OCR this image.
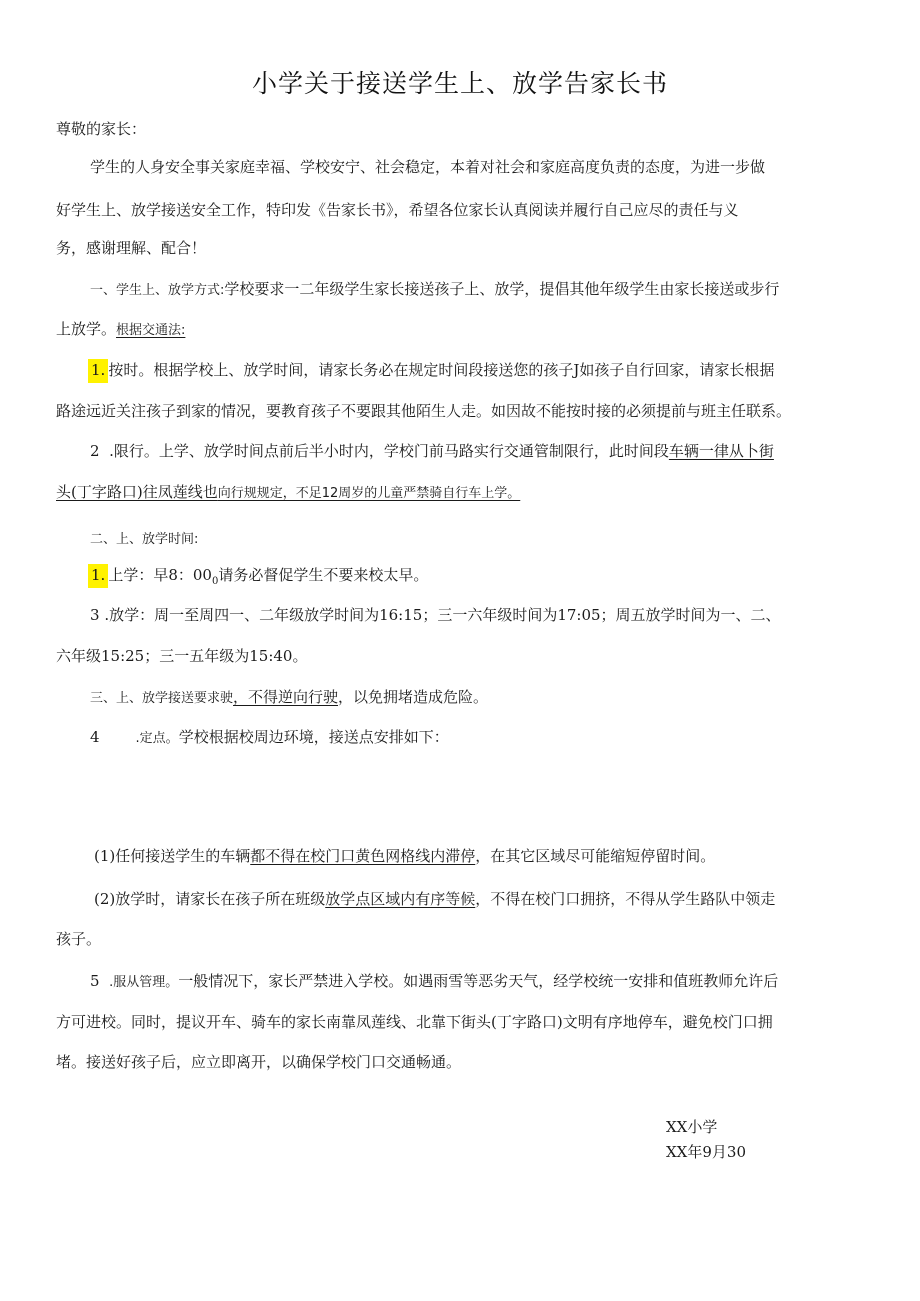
小学关于接送学生上、放学告家长书
尊敬的家长：
学生的人身安全事关家庭幸福、学校安宁、社会稳定，本着对社会和家庭高度负责的态度，为进一步做
好学生上、放学接送安全工作，特印发《告家长书》，希望各位家长认真阅读并履行自己应尽的责任与义
务，感谢理解、配合！
一、学生上、放学方式:学校要求一二年级学生家长接送孩子上、放学，提倡其他年级学生由家长接送或步行
上放学。根据交通法:
1. 按时。根据学校上、放学时间，请家长务必在规定时间段接送您的孩子J如孩子自行回家，请家长根据
路途远近关注孩子到家的情况，要教育孩子不要跟其他陌生人走。如因故不能按时接的必须提前与班主任联系。
2 .限行。上学、放学时间点前后半小时内，学校门前马路实行交通管制限行，此时间段车辆一律从卜街
头(丁字路口)往凤莲线也向行规规定，不足12周岁的儿童严禁骑自行车上学。
二、上、放学时间:
1. 上学：早8：$00_0$请务必督促学生不要来校太早。
3 .放学：周一至周四一、二年级放学时间为16:15；三一六年级时间为17:05；周五放学时间为一、二、
六年级15:25；三一五年级为15:40。
三、上、放学接送要求驶，不得逆向行驶，以免拥堵造成危险。
4	.定点。学校根据校周边环境，接送点安排如下：
(1)任何接送学生的车辆都不得在校门口黄色网格线内滞停，在其它区域尽可能缩短停留时间。
(2)放学时，请家长在孩子所在班级放学点区域内有序等候，不得在校门口拥挤，不得从学生路队中领走
孩子。
5 .服从管理。一般情况下，家长严禁进入学校。如遇雨雪等恶劣天气，经学校统一安排和值班教师允许后
方可进校。同时，提议开车、骑车的家长南靠凤莲线、北靠下街头(丁字路口)文明有序地停车，避免校门口拥
堵。接送好孩子后，应立即离开，以确保学校门口交通畅通。
XX小学
XX年9月30
